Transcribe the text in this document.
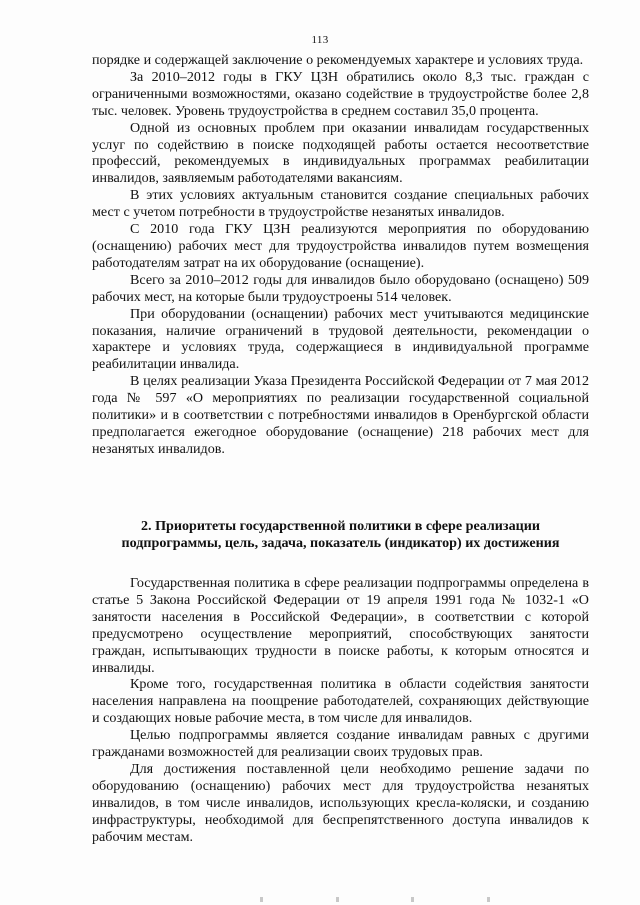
113

порядке и содержащей заключение о рекомендуемых характере и условиях труда.

За 2010–2012 годы в ГКУ ЦЗН обратились около 8,3 тыс. граждан с ограниченными возможностями, оказано содействие в трудоустройстве более 2,8 тыс. человек. Уровень трудоустройства в среднем составил 35,0 процента.

Одной из основных проблем при оказании инвалидам государственных услуг по содействию в поиске подходящей работы остается несоответствие профессий, рекомендуемых в индивидуальных программах реабилитации инвалидов, заявляемым работодателями вакансиям.

В этих условиях актуальным становится создание специальных рабочих мест с учетом потребности в трудоустройстве незанятых инвалидов.

С 2010 года ГКУ ЦЗН реализуются мероприятия по оборудованию (оснащению) рабочих мест для трудоустройства инвалидов путем возмещения работодателям затрат на их оборудование (оснащение).

Всего за 2010–2012 годы для инвалидов было оборудовано (оснащено) 509 рабочих мест, на которые были трудоустроены 514 человек.

При оборудовании (оснащении) рабочих мест учитываются медицинские показания, наличие ограничений в трудовой деятельности, рекомендации о характере и условиях труда, содержащиеся в индивидуальной программе реабилитации инвалида.

В целях реализации Указа Президента Российской Федерации от 7 мая 2012 года № 597 «О мероприятиях по реализации государственной социальной политики» и в соответствии с потребностями инвалидов в Оренбургской области предполагается ежегодное оборудование (оснащение) 218 рабочих мест для незанятых инвалидов.

2. Приоритеты государственной политики в сфере реализации
подпрограммы, цель, задача, показатель (индикатор) их достижения

Государственная политика в сфере реализации подпрограммы определена в статье 5 Закона Российской Федерации от 19 апреля 1991 года № 1032-1 «О занятости населения в Российской Федерации», в соответствии с которой предусмотрено осуществление мероприятий, способствующих занятости граждан, испытывающих трудности в поиске работы, к которым относятся и инвалиды.

Кроме того, государственная политика в области содействия занятости населения направлена на поощрение работодателей, сохраняющих действующие и создающих новые рабочие места, в том числе для инвалидов.

Целью подпрограммы является создание инвалидам равных с другими гражданами возможностей для реализации своих трудовых прав.

Для достижения поставленной цели необходимо решение задачи по оборудованию (оснащению) рабочих мест для трудоустройства незанятых инвалидов, в том числе инвалидов, использующих кресла-коляски, и созданию инфраструктуры, необходимой для беспрепятственного доступа инвалидов к рабочим местам.
